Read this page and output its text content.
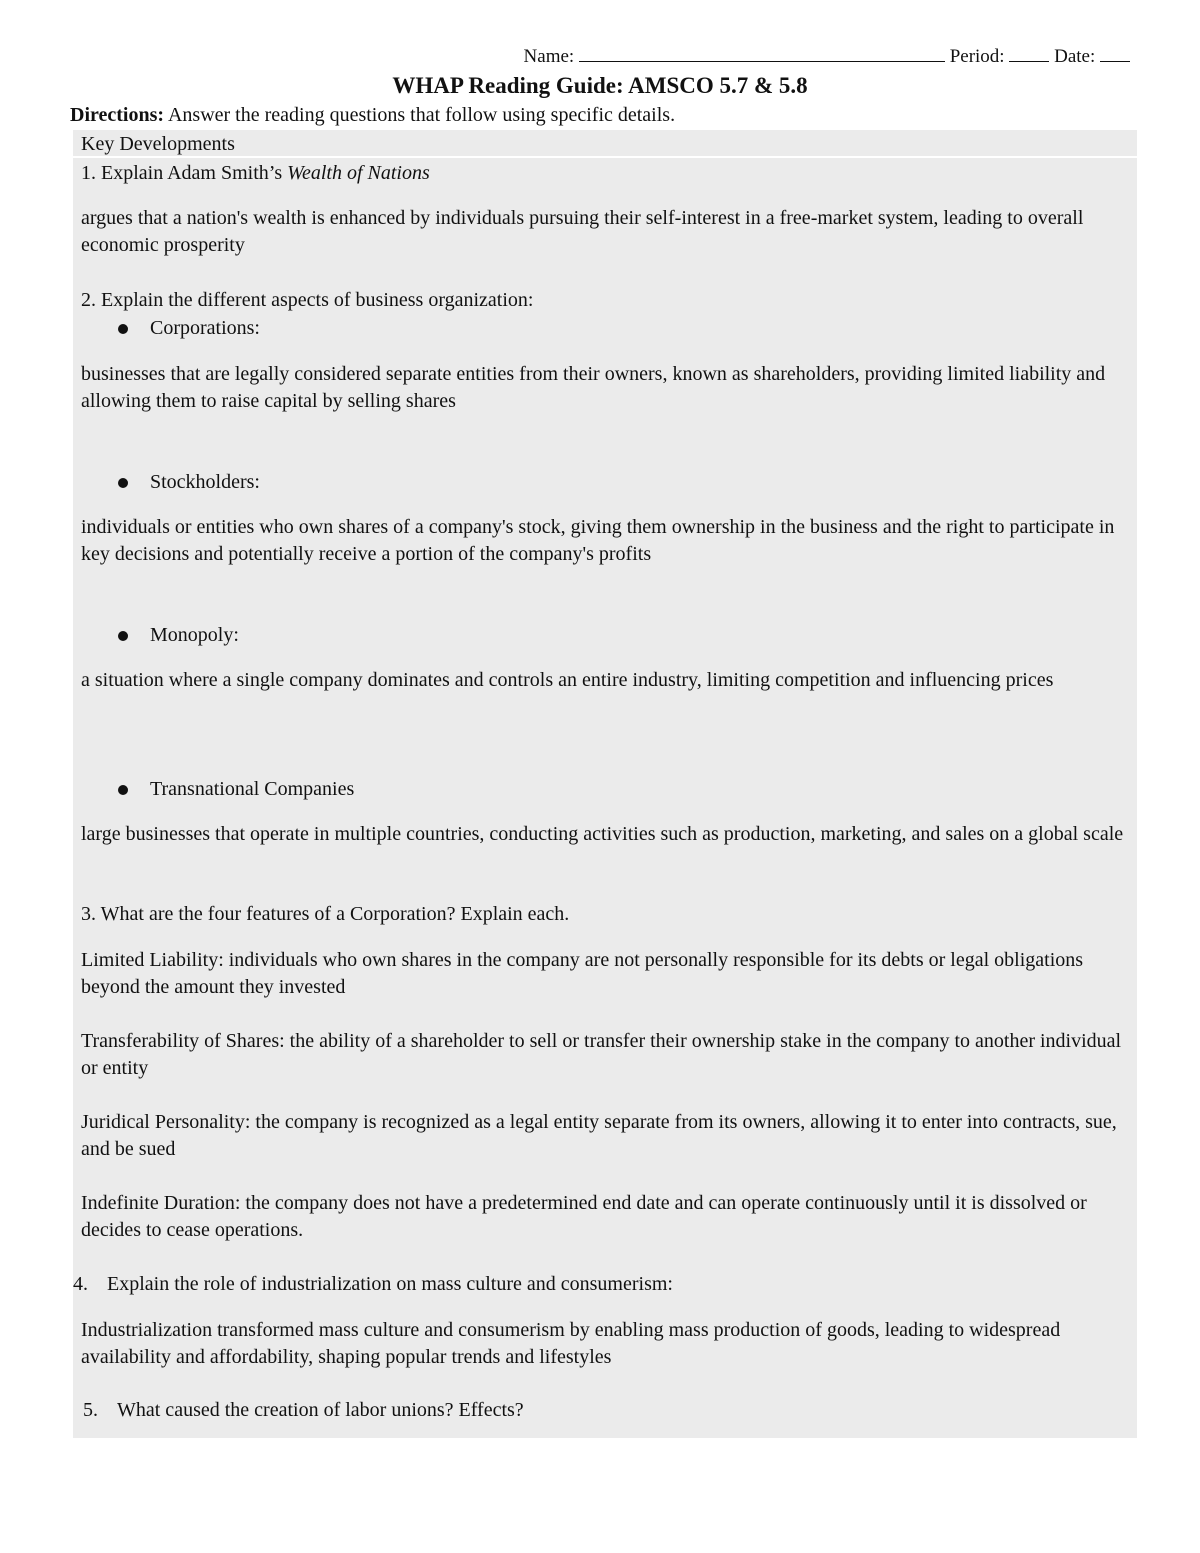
Name:	Period:	Date:
WHAP Reading Guide: AMSCO 5.7 & 5.8
Directions: Answer the reading questions that follow using specific details.
Key Developments
1. Explain Adam Smith’s Wealth of Nations
argues that a nation's wealth is enhanced by individuals pursuing their self-interest in a free-market system, leading to overall economic prosperity
2. Explain the different aspects of business organization:
Corporations:
businesses that are legally considered separate entities from their owners, known as shareholders, providing limited liability and allowing them to raise capital by selling shares
Stockholders:
individuals or entities who own shares of a company's stock, giving them ownership in the business and the right to participate in key decisions and potentially receive a portion of the company's profits
Monopoly:
a situation where a single company dominates and controls an entire industry, limiting competition and influencing prices
Transnational Companies
large businesses that operate in multiple countries, conducting activities such as production, marketing, and sales on a global scale
3. What are the four features of a Corporation? Explain each.
Limited Liability: individuals who own shares in the company are not personally responsible for its debts or legal obligations beyond the amount they invested
Transferability of Shares: the ability of a shareholder to sell or transfer their ownership stake in the company to another individual or entity
Juridical Personality: the company is recognized as a legal entity separate from its owners, allowing it to enter into contracts, sue, and be sued
Indefinite Duration: the company does not have a predetermined end date and can operate continuously until it is dissolved or decides to cease operations.
4. Explain the role of industrialization on mass culture and consumerism:
Industrialization transformed mass culture and consumerism by enabling mass production of goods, leading to widespread availability and affordability, shaping popular trends and lifestyles
5. What caused the creation of labor unions? Effects?
